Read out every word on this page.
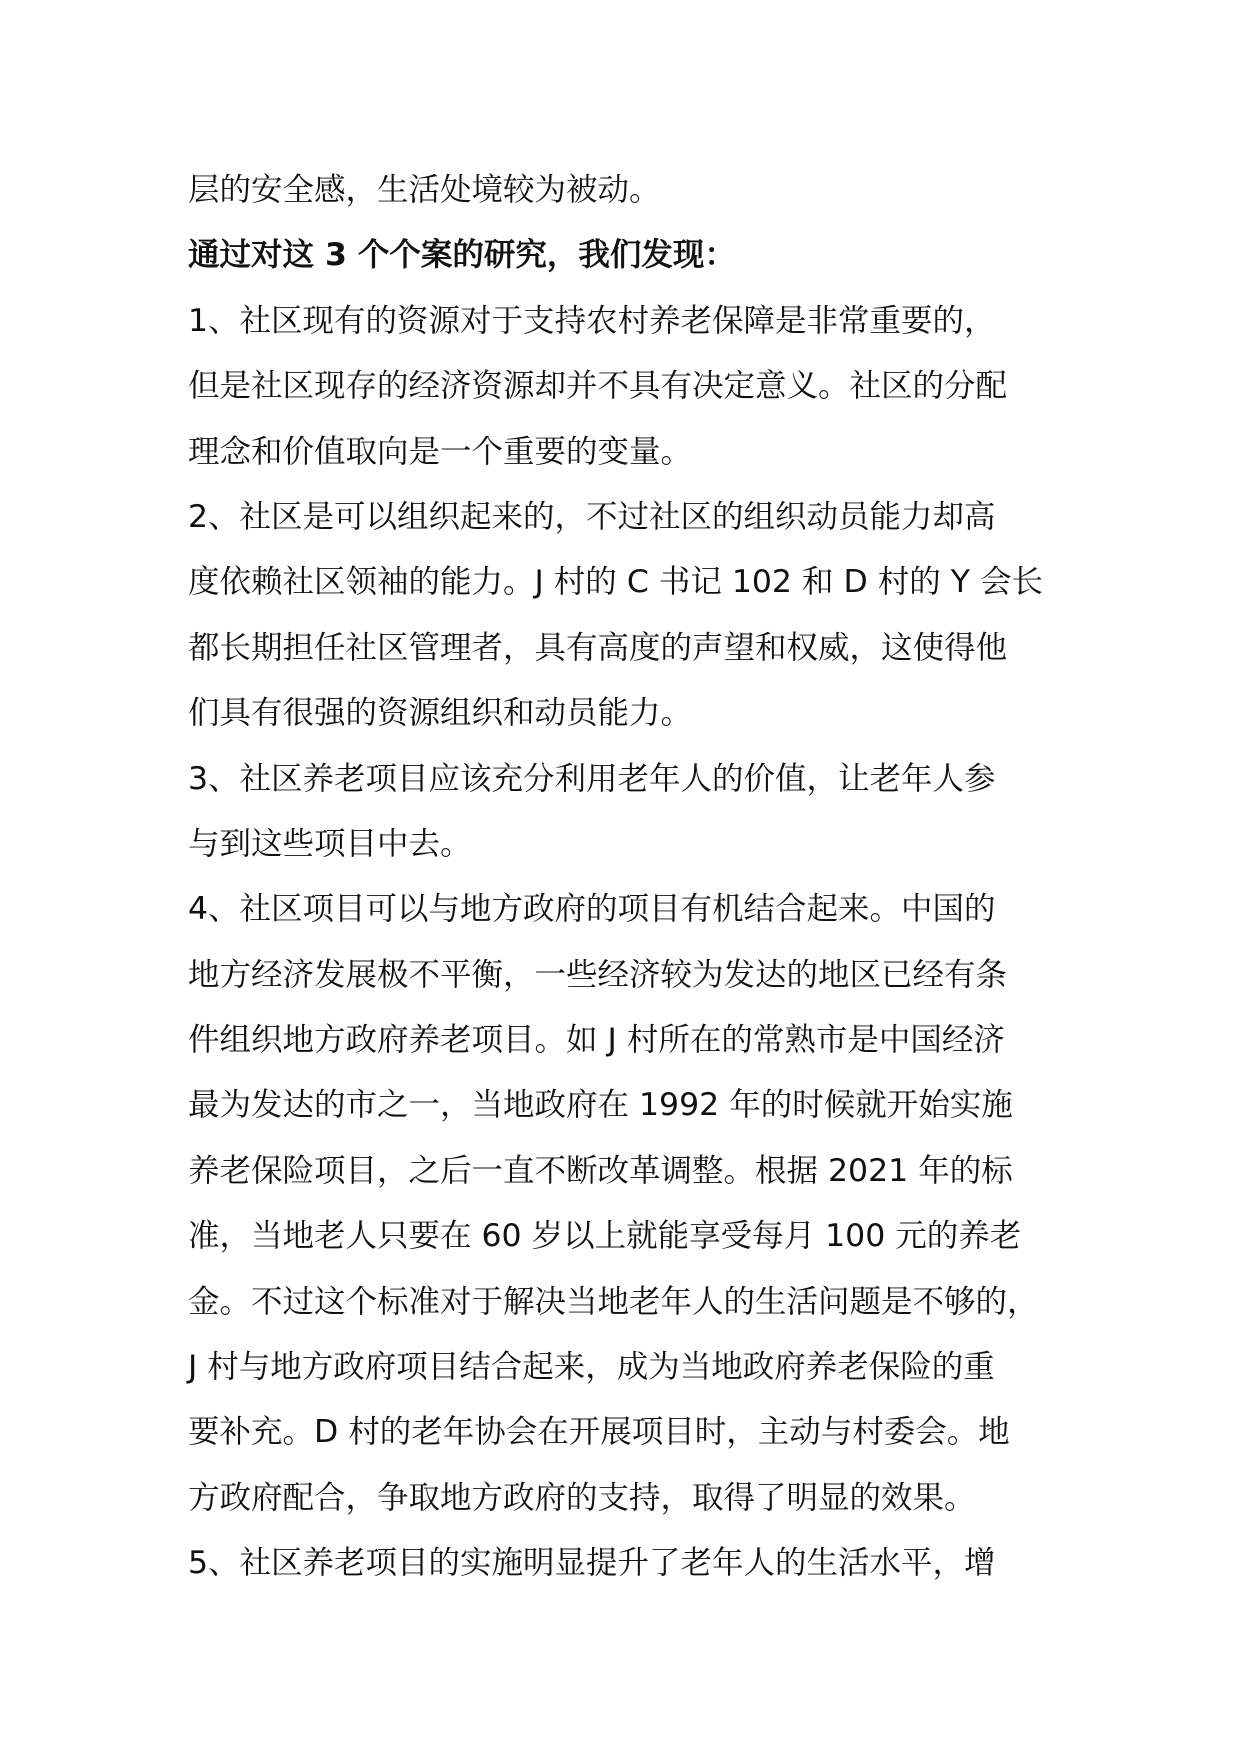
层的安全感，生活处境较为被动。
通过对这 3 个个案的研究，我们发现：
1、社区现有的资源对于支持农村养老保障是非常重要的，
但是社区现存的经济资源却并不具有决定意义。社区的分配
理念和价值取向是一个重要的变量。
2、社区是可以组织起来的，不过社区的组织动员能力却高
度依赖社区领袖的能力。J 村的 C 书记 102 和 D 村的 Y 会长
都长期担任社区管理者，具有高度的声望和权威，这使得他
们具有很强的资源组织和动员能力。
3、社区养老项目应该充分利用老年人的价值，让老年人参
与到这些项目中去。
4、社区项目可以与地方政府的项目有机结合起来。中国的
地方经济发展极不平衡，一些经济较为发达的地区已经有条
件组织地方政府养老项目。如 J 村所在的常熟市是中国经济
最为发达的市之一，当地政府在 1992 年的时候就开始实施
养老保险项目，之后一直不断改革调整。根据 2021 年的标
准，当地老人只要在 60 岁以上就能享受每月 100 元的养老
金。不过这个标准对于解决当地老年人的生活问题是不够的，
J 村与地方政府项目结合起来，成为当地政府养老保险的重
要补充。D 村的老年协会在开展项目时，主动与村委会。地
方政府配合，争取地方政府的支持，取得了明显的效果。
5、社区养老项目的实施明显提升了老年人的生活水平，增
